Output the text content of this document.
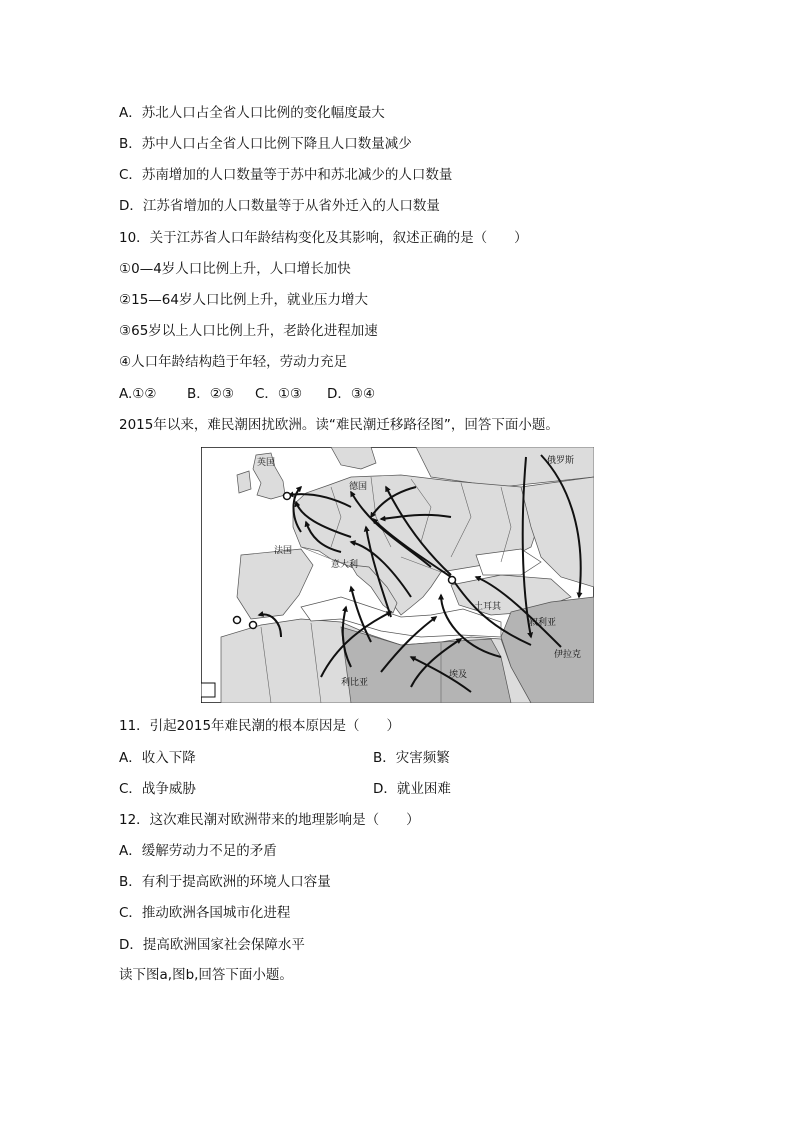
A．苏北人口占全省人口比例的变化幅度最大
B．苏中人口占全省人口比例下降且人口数量减少
C．苏南增加的人口数量等于苏中和苏北减少的人口数量
D．江苏省增加的人口数量等于从省外迁入的人口数量
10．关于江苏省人口年龄结构变化及其影响，叙述正确的是（　　）
①0—4岁人口比例上升，人口增长加快
②15—64岁人口比例上升，就业压力增大
③65岁以上人口比例上升，老龄化进程加速
④人口年龄结构趋于年轻，劳动力充足
A.①② B．②③ C．①③ D．③④
2015年以来，难民潮困扰欧洲。读“难民潮迁移路径图”，回答下面小题。
英国	俄罗斯
德国
法国
意大利
土耳其
叙利亚
伊拉克
利比亚
埃及
11．引起2015年难民潮的根本原因是（　　）
A．收入下降	B．灾害频繁
C．战争威胁	D．就业困难
12．这次难民潮对欧洲带来的地理影响是（　　）
A．缓解劳动力不足的矛盾
B．有利于提高欧洲的环境人口容量
C．推动欧洲各国城市化进程
D．提高欧洲国家社会保障水平
读下图a,图b,回答下面小题。
